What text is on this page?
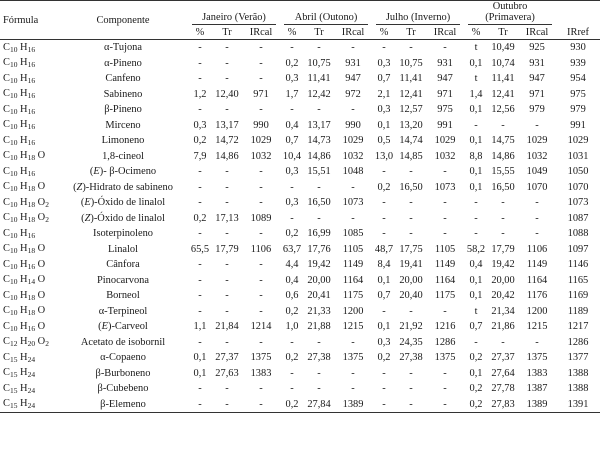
Fórmula	Componente	Janeiro (Verão)			Abril (Outono)			Julho (Inverno)			Outubro (Primavera)			
		%	Tr	IRcal	%	Tr	IRcal	%	Tr	IRcal	%	Tr	IRcal	IRref
$C_{10}$ $H_{16}$	α-Tujona	-	-	-	-	-	-	-	-	-	t	10,49	925	930
$C_{10}$ $H_{16}$	α-Pineno	-	-	-	0,2	10,75	931	0,3	10,75	931	0,1	10,74	931	939
$C_{10}$ $H_{16}$	Canfeno	-	-	-	0,3	11,41	947	0,7	11,41	947	t	11,41	947	954
$C_{10}$ $H_{16}$	Sabineno	1,2	12,40	971	1,7	12,42	972	2,1	12,41	971	1,4	12,41	971	975
$C_{10}$ $H_{16}$	β-Pineno	-	-	-	-	-	-	0,3	12,57	975	0,1	12,56	979	979
$C_{10}$ $H_{16}$	Mirceno	0,3	13,17	990	0,4	13,17	990	0,1	13,20	991	-	-	-	991
$C_{10}$ $H_{16}$	Limoneno	0,2	14,72	1029	0,7	14,73	1029	0,5	14,74	1029	0,1	14,75	1029	1029
$C_{10}$ $H_{18}$ O	1,8-cineol	7,9	14,86	1032	10,4	14,86	1032	13,0	14,85	1032	8,8	14,86	1032	1031
$C_{10}$ $H_{16}$	(E)- β-Ocimeno	-	-	-	0,3	15,51	1048	-	-	-	0,1	15,55	1049	1050
$C_{10}$ $H_{18}$ O	(Z)-Hidrato de sabineno	-	-	-	-	-	-	0,2	16,50	1073	0,1	16,50	1070	1070
$C_{10}$ $H_{18}$ $O_2$	(E)-Óxido de linalol	-	-	-	0,3	16,50	1073	-	-	-	-	-	-	1073
$C_{10}$ $H_{18}$ $O_2$	(Z)-Óxido de linalol	0,2	17,13	1089	-	-	-	-	-	-	-	-	-	1087
$C_{10}$ $H_{16}$	Isoterpinoleno	-	-	-	0,2	16,99	1085	-	-	-	-	-	-	1088
$C_{10}$ $H_{18}$ O	Linalol	65,5	17,79	1106	63,7	17,76	1105	48,7	17,75	1105	58,2	17,79	1106	1097
$C_{10}$ $H_{16}$ O	Cânfora	-	-	-	4,4	19,42	1149	8,4	19,41	1149	0,4	19,42	1149	1146
$C_{10}$ $H_{14}$ O	Pinocarvona	-	-	-	0,4	20,00	1164	0,1	20,00	1164	0,1	20,00	1164	1165
$C_{10}$ $H_{18}$ O	Borneol	-	-	-	0,6	20,41	1175	0,7	20,40	1175	0,1	20,42	1176	1169
$C_{10}$ $H_{18}$ O	α-Terpineol	-	-	-	0,2	21,33	1200	-	-	-	t	21,34	1200	1189
$C_{10}$ $H_{16}$ O	(E)-Carveol	1,1	21,84	1214	1,0	21,88	1215	0,1	21,92	1216	0,7	21,86	1215	1217
$C_{12}$ $H_{20}$ $O_2$	Acetato de isobornil	-	-	-	-	-	-	0,3	24,35	1286	-	-	-	1286
$C_{15}$ $H_{24}$	α-Copaeno	0,1	27,37	1375	0,2	27,38	1375	0,2	27,38	1375	0,2	27,37	1375	1377
$C_{15}$ $H_{24}$	β-Burboneno	0,1	27,63	1383	-	-	-	-	-	-	0,1	27,64	1383	1388
$C_{15}$ $H_{24}$	β-Cubebeno	-	-	-	-	-	-	-	-	-	0,2	27,78	1387	1388
$C_{15}$ $H_{24}$	β-Elemeno	-	-	-	0,2	27,84	1389	-	-	-	0,2	27,83	1389	1391
